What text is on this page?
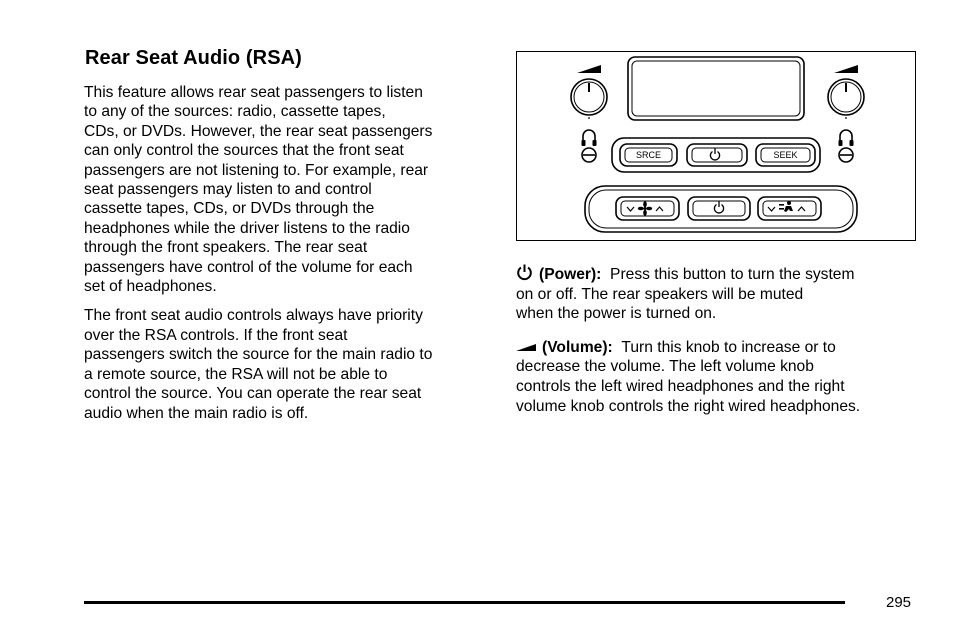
Rear Seat Audio (RSA)

This feature allows rear seat passengers to listen
to any of the sources: radio, cassette tapes,
CDs, or DVDs. However, the rear seat passengers
can only control the sources that the front seat
passengers are not listening to. For example, rear
seat passengers may listen to and control
cassette tapes, CDs, or DVDs through the
headphones while the driver listens to the radio
through the front speakers. The rear seat
passengers have control of the volume for each
set of headphones.

The front seat audio controls always have priority
over the RSA controls. If the front seat
passengers switch the source for the main radio to
a remote source, the RSA will not be able to
control the source. You can operate the rear seat
audio when the main radio is off.

SRCE	SEEK

(Power): Press this button to turn the system
on or off. The rear speakers will be muted
when the power is turned on.

(Volume): Turn this knob to increase or to
decrease the volume. The left volume knob
controls the left wired headphones and the right
volume knob controls the right wired headphones.

295
